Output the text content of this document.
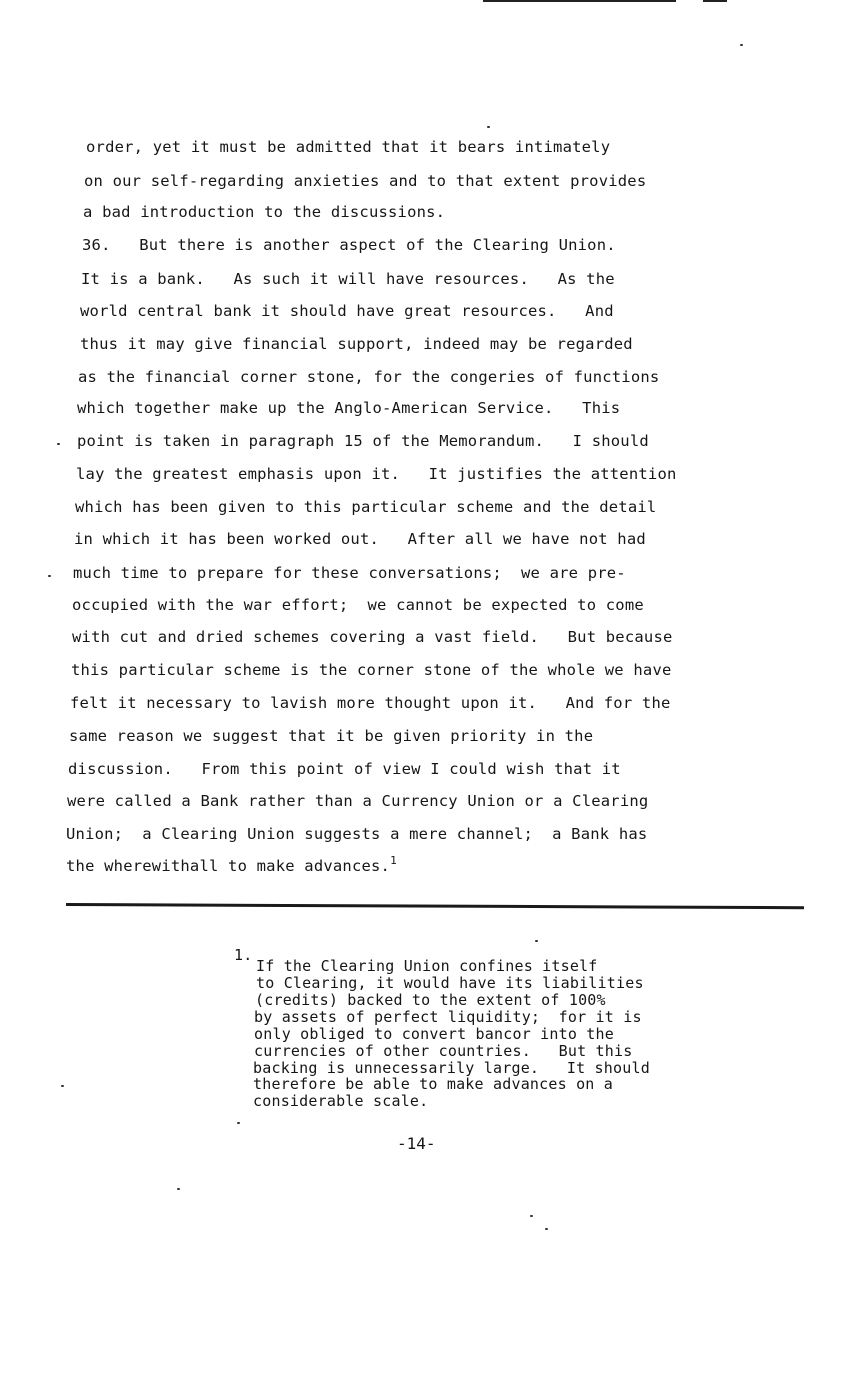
order, yet it must be admitted that it bears intimately
on our self-regarding anxieties and to that extent provides
a bad introduction to the discussions.
36.   But there is another aspect of the Clearing Union.
It is a bank.   As such it will have resources.   As the
world central bank it should have great resources.   And
thus it may give financial support, indeed may be regarded
as the financial corner stone, for the congeries of functions
which together make up the Anglo-American Service.   This
point is taken in paragraph 15 of the Memorandum.   I should
lay the greatest emphasis upon it.   It justifies the attention
which has been given to this particular scheme and the detail
in which it has been worked out.   After all we have not had
much time to prepare for these conversations;  we are pre-
occupied with the war effort;  we cannot be expected to come
with cut and dried schemes covering a vast field.   But because
this particular scheme is the corner stone of the whole we have
felt it necessary to lavish more thought upon it.   And for the
same reason we suggest that it be given priority in the
discussion.   From this point of view I could wish that it
were called a Bank rather than a Currency Union or a Clearing
Union;  a Clearing Union suggests a mere channel;  a Bank has
the wherewithall to make advances.$^1$
1.
If the Clearing Union confines itself
to Clearing, it would have its liabilities
(credits) backed to the extent of 100%
by assets of perfect liquidity;  for it is
only obliged to convert bancor into the
currencies of other countries.   But this
backing is unnecessarily large.   It should
therefore be able to make advances on a
considerable scale.
-14-
